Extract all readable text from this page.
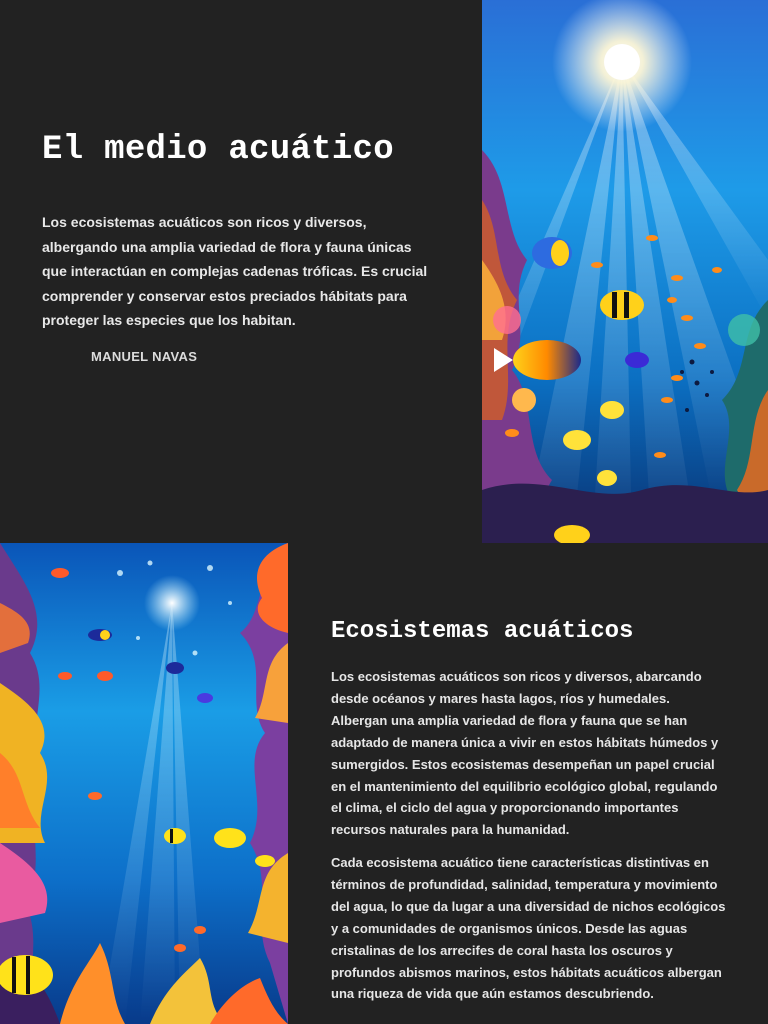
El medio acuático

Los ecosistemas acuáticos son ricos y diversos, albergando una amplia variedad de flora y fauna únicas que interactúan en complejas cadenas tróficas. Es crucial comprender y conservar estos preciados hábitats para proteger las especies que los habitan.

MANUEL NAVAS

Ecosistemas acuáticos

Los ecosistemas acuáticos son ricos y diversos, abarcando desde océanos y mares hasta lagos, ríos y humedales. Albergan una amplia variedad de flora y fauna que se han adaptado de manera única a vivir en estos hábitats húmedos y sumergidos. Estos ecosistemas desempeñan un papel crucial en el mantenimiento del equilibrio ecológico global, regulando el clima, el ciclo del agua y proporcionando importantes recursos naturales para la humanidad.

Cada ecosistema acuático tiene características distintivas en términos de profundidad, salinidad, temperatura y movimiento del agua, lo que da lugar a una diversidad de nichos ecológicos y a comunidades de organismos únicos. Desde las aguas cristalinas de los arrecifes de coral hasta los oscuros y profundos abismos marinos, estos hábitats acuáticos albergan una riqueza de vida que aún estamos descubriendo.
